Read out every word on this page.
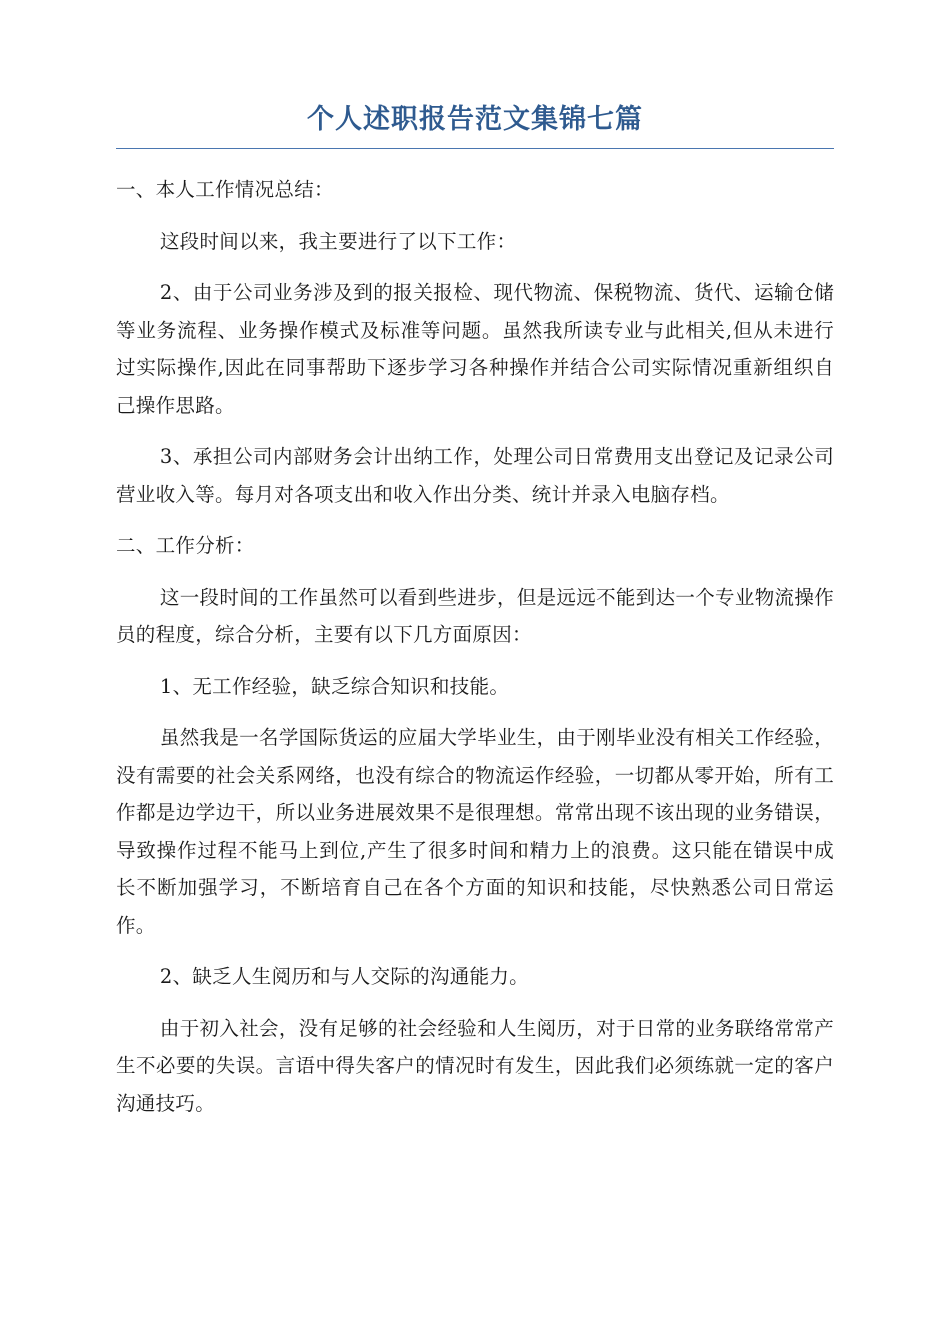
个人述职报告范文集锦七篇

一、本人工作情况总结：

这段时间以来，我主要进行了以下工作：

2、由于公司业务涉及到的报关报检、现代物流、保税物流、货代、运输仓储等业务流程、业务操作模式及标准等问题。虽然我所读专业与此相关,但从未进行过实际操作,因此在同事帮助下逐步学习各种操作并结合公司实际情况重新组织自己操作思路。

3、承担公司内部财务会计出纳工作，处理公司日常费用支出登记及记录公司营业收入等。每月对各项支出和收入作出分类、统计并录入电脑存档。

二、工作分析：

这一段时间的工作虽然可以看到些进步，但是远远不能到达一个专业物流操作员的程度，综合分析，主要有以下几方面原因：

1、无工作经验，缺乏综合知识和技能。

虽然我是一名学国际货运的应届大学毕业生，由于刚毕业没有相关工作经验，没有需要的社会关系网络，也没有综合的物流运作经验，一切都从零开始，所有工作都是边学边干，所以业务进展效果不是很理想。常常出现不该出现的业务错误，导致操作过程不能马上到位,产生了很多时间和精力上的浪费。这只能在错误中成长不断加强学习，不断培育自己在各个方面的知识和技能，尽快熟悉公司日常运作。

2、缺乏人生阅历和与人交际的沟通能力。

由于初入社会，没有足够的社会经验和人生阅历，对于日常的业务联络常常产生不必要的失误。言语中得失客户的情况时有发生，因此我们必须练就一定的客户沟通技巧。
